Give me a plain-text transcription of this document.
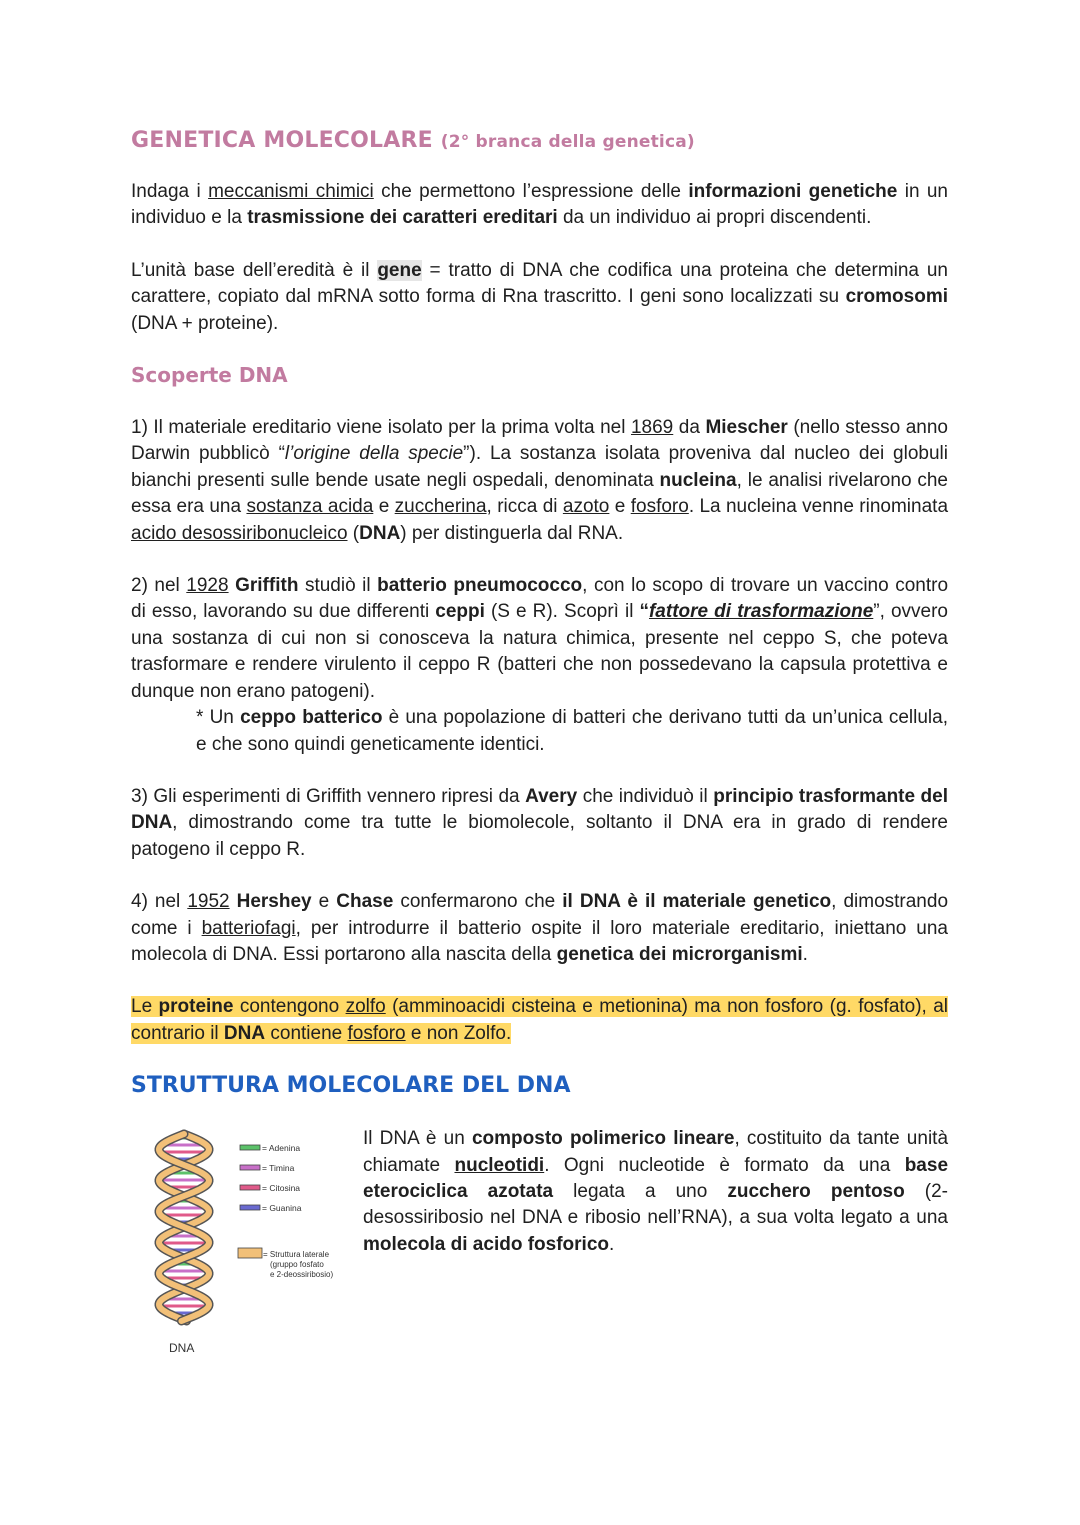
GENETICA MOLECOLARE (2° branca della genetica)

Indaga i meccanismi chimici che permettono l’espressione delle informazioni genetiche in un individuo e la trasmissione dei caratteri ereditari da un individuo ai propri discendenti.

L’unità base dell’eredità è il gene = tratto di DNA che codifica una proteina che determina un carattere, copiato dal mRNA sotto forma di Rna trascritto. I geni sono localizzati su cromosomi (DNA + proteine).

Scoperte DNA

1) Il materiale ereditario viene isolato per la prima volta nel 1869 da Miescher (nello stesso anno Darwin pubblicò “l’origine della specie”). La sostanza isolata proveniva dal nucleo dei globuli bianchi presenti sulle bende usate negli ospedali, denominata nucleina, le analisi rivelarono che essa era una sostanza acida e zuccherina, ricca di azoto e fosforo. La nucleina venne rinominata acido desossiribonucleico (DNA) per distinguerla dal RNA.

2) nel 1928 Griffith studiò il batterio pneumococco, con lo scopo di trovare un vaccino contro di esso, lavorando su due differenti ceppi (S e R). Scoprì il “fattore di trasformazione”, ovvero una sostanza di cui non si conosceva la natura chimica, presente nel ceppo S, che poteva trasformare e rendere virulento il ceppo R (batteri che non possedevano la capsula protettiva e dunque non erano patogeni).

* Un ceppo batterico è una popolazione di batteri che derivano tutti da un’unica cellula, e che sono quindi geneticamente identici.

3) Gli esperimenti di Griffith vennero ripresi da Avery che individuò il principio trasformante del DNA, dimostrando come tra tutte le biomolecole, soltanto il DNA era in grado di rendere patogeno il ceppo R.

4) nel 1952 Hershey e Chase confermarono che il DNA è il materiale genetico, dimostrando come i batteriofagi, per introdurre il batterio ospite il loro materiale ereditario, iniettano una molecola di DNA. Essi portarono alla nascita della genetica dei microrganismi.

Le proteine contengono zolfo (amminoacidi cisteina e metionina) ma non fosforo (g. fosfato), al contrario il DNA contiene fosforo e non Zolfo.

STRUTTURA MOLECOLARE DEL DNA
= Adenina
= Timina
= Citosina
= Guanina
= Struttura laterale
(gruppo fosfato
e 2-deossiribosio)
DNA

Il DNA è un composto polimerico lineare, costituito da tante unità chiamate nucleotidi. Ogni nucleotide è formato da una base eterociclica azotata legata a uno zucchero pentoso (2-desossiribosio nel DNA e ribosio nell’RNA), a sua volta legato a una molecola di acido fosforico.
